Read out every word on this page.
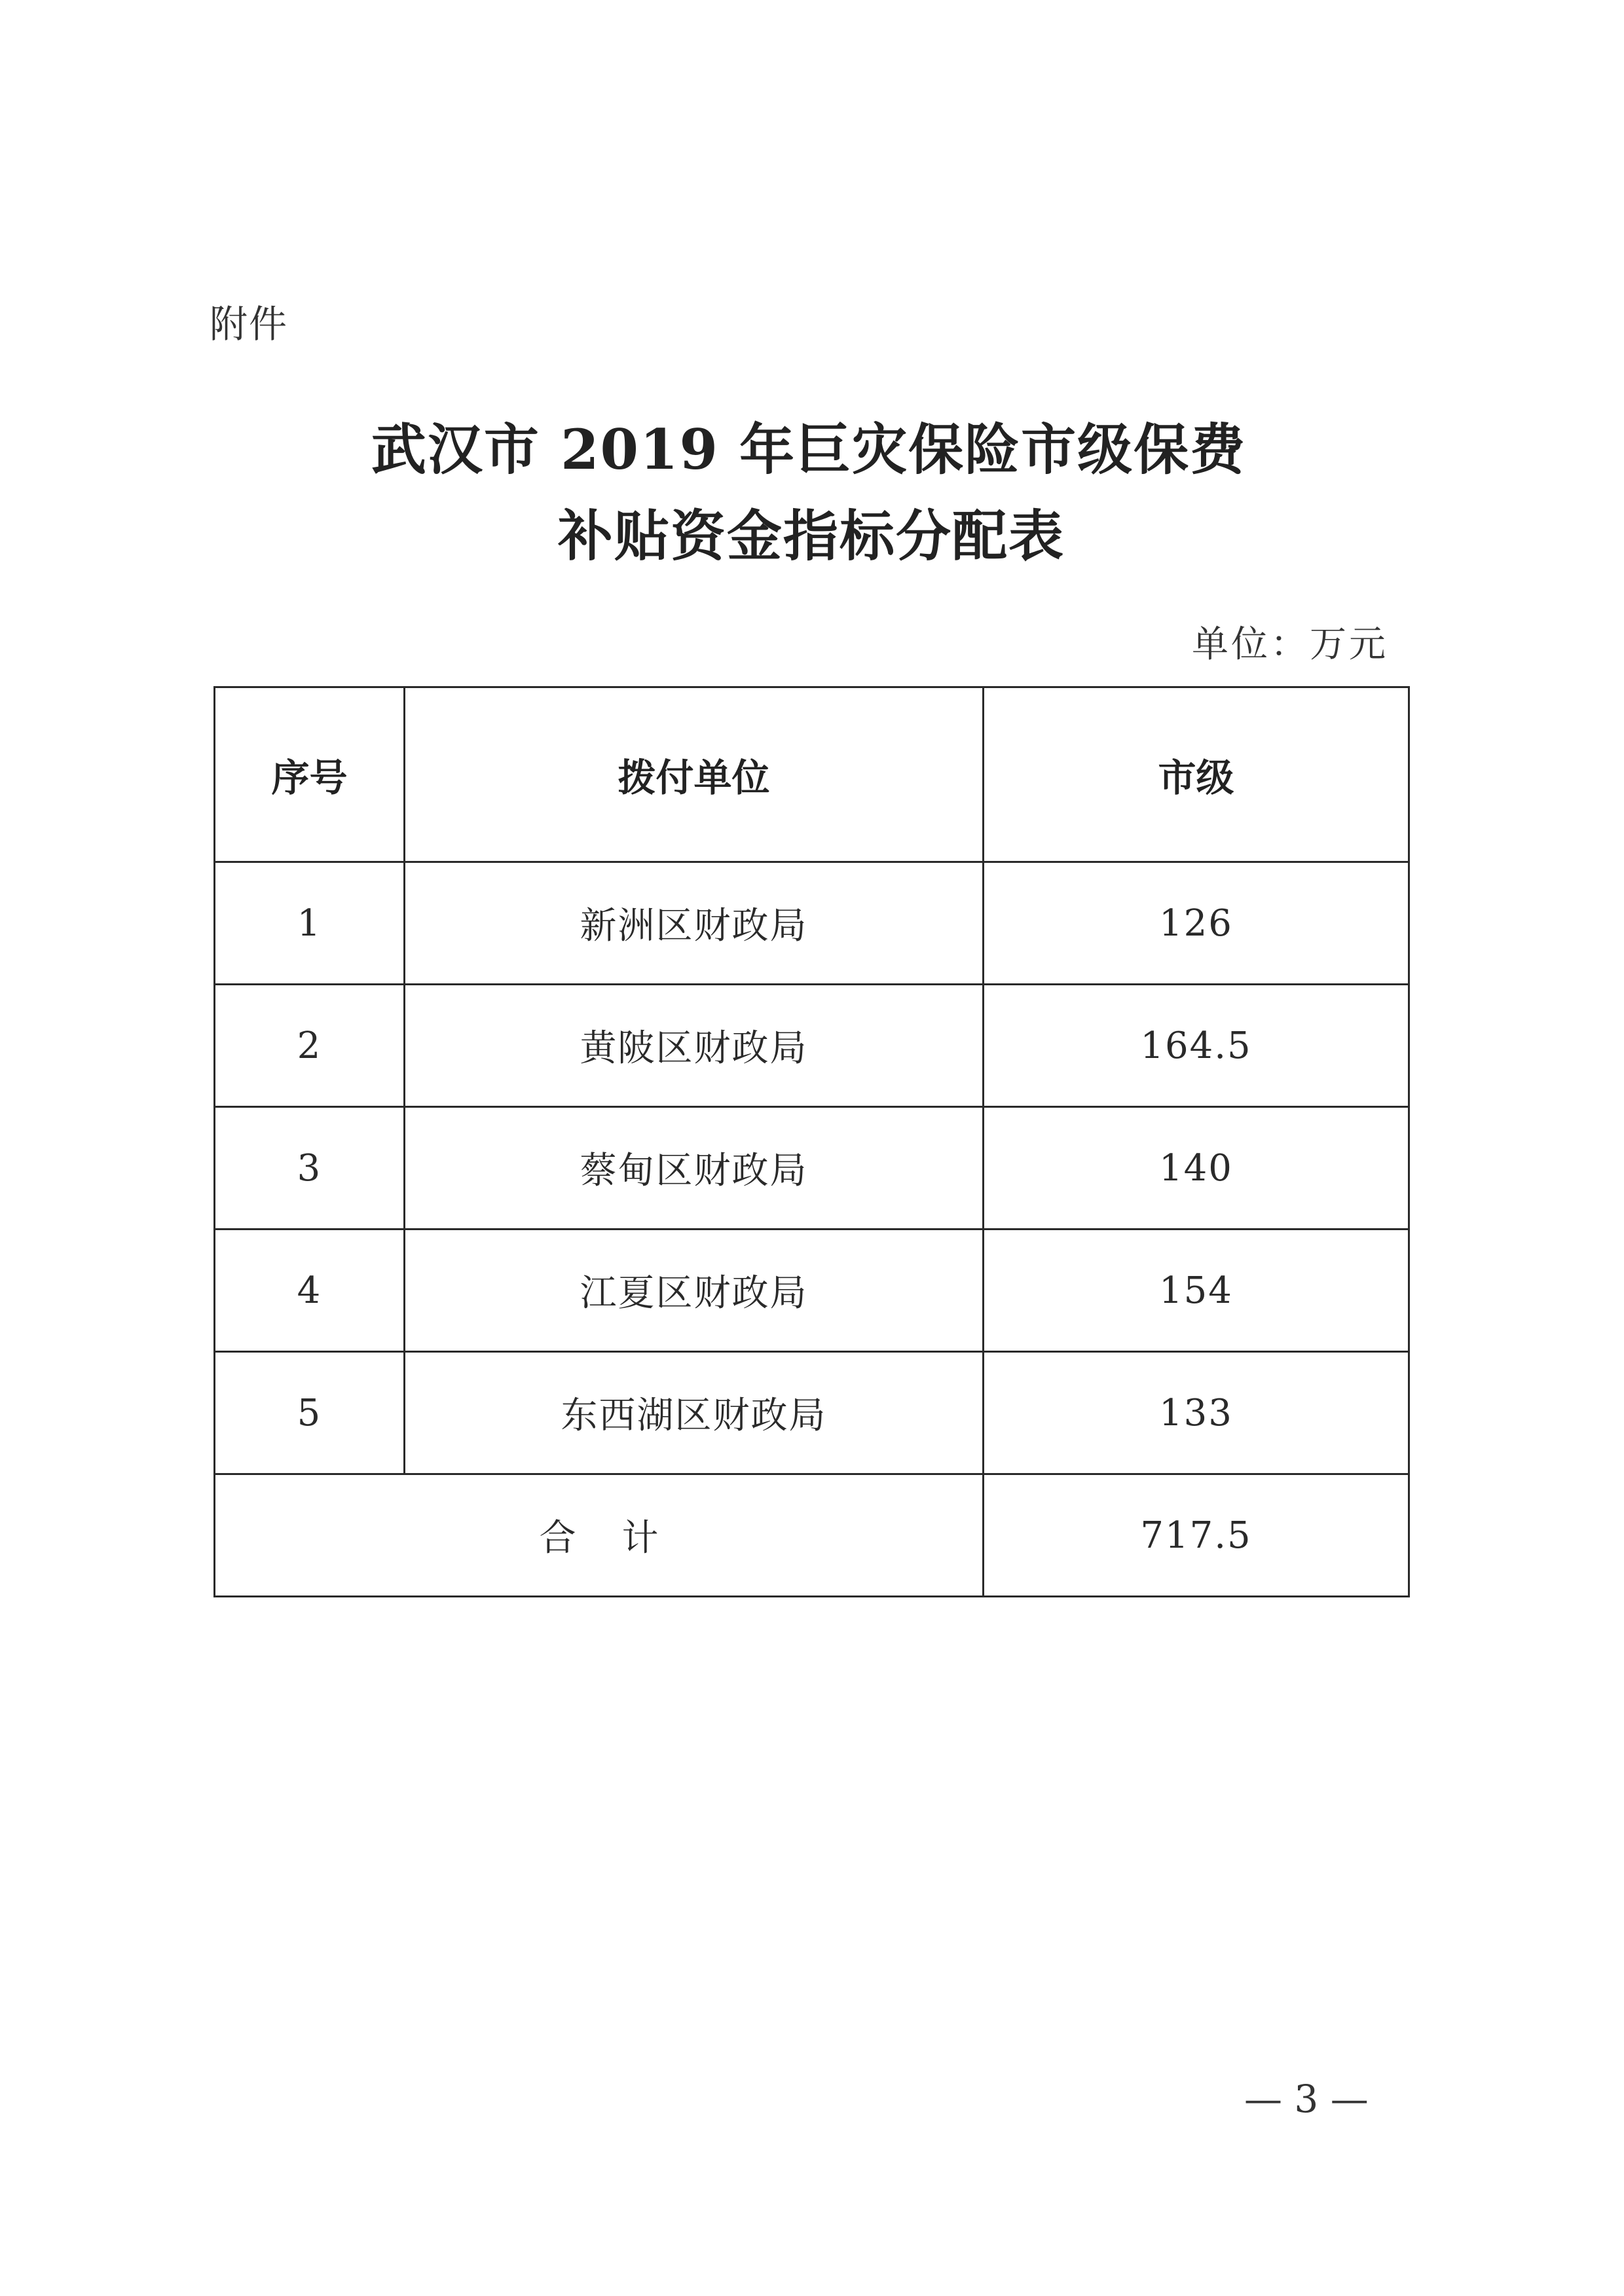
附件
武汉市 2019 年巨灾保险市级保费
补贴资金指标分配表
单位：万元
序号	拨付单位	市级
1	新洲区财政局	126
2	黄陂区财政局	164.5
3	蔡甸区财政局	140
4	江夏区财政局	154
5	东西湖区财政局	133
合计		717.5
— 3 —
